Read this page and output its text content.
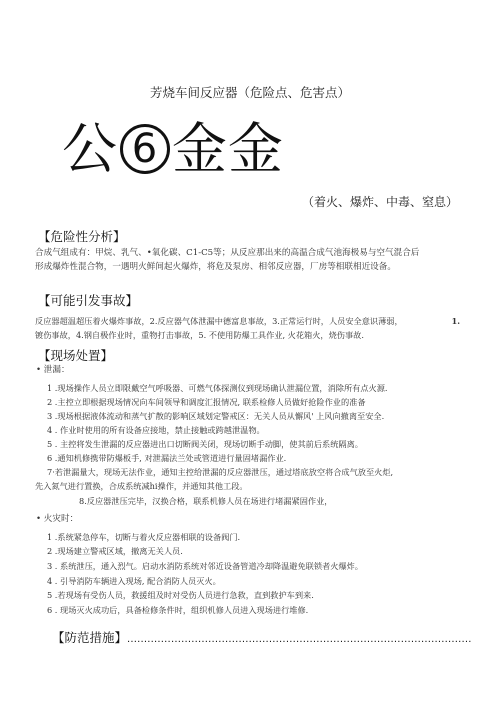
芳烧车间反应器（危险点、危害点）
公 6 金金
（着火、爆炸、中毒、窒息）
【危险性分析】
合成气组成有：甲烷、乳气、•氧化碳、C1-C5等；从反应那出来的高温合成气池海极易与空气混合后
形成爆炸性混合物，一遇明火鲜间起火爆炸，将危及泵房、相邻反应器，厂房等相联相近设备。
【可能引发事故】
1.
反应器超温超压着火爆炸事故，2.反应器气体泄漏中德富息事故，3.正常运行时，人员安全意识薄弱，
镀伤事故，4.钢自极作业时，重物打击事故，5. 不使用防爆工具作业, 火花箱火，烧伤事故.
【现场处置】
• 泄漏：
1 .现场操作人员立即限戴空气呼吸器、可燃气体探测仪到现场确认泄漏位置，消除所有点火源.
2 .主控立即根据现场情况向车间领导和调度汇报情况, 联系检修人员做好抢险作业的准备
3 .现场根据液体流动和蒸气扩散的影响区域划定警戒区：无关人员从懈风' 上风向撤离至安全.
4 . 作业时使用的所有设备应接地，禁止接触或跨越泄温物。
5 . 主控将发生泄漏的反应器进出口切断阀关闭，现场切断手动脚，使其前后系统隔离。
6 .通知机修携带防爆板手, 对泄漏法兰处或管道进行量固堵漏作业.
7·若泄漏量大，现场无法作业，通知主控给泄漏的反应器泄压，通过塔底放空将合成气放至火炬,
先入氮气进行置换，合成系统减hi操作，并通知其他工段。
8.反应器泄压完毕，汉换合格，联系机修人员在场进行堵漏紧固作业，
• 火灾时：
1 .系统紧急停车，切断与着火反应器相联的设备阀门.
2 .现场建立警戒区域，撤离无关人员.
3 . 系统泄压，通入烈气。启动水消防系统对邻近设备管道冷却降温避免联锁者火爆炸。
4 . 引导消防车辆进入现场, 配合消防人员灭火。
5 .若现场有受伤人员，救援组及时对受伤人员进行急救，直到救护车到来.
6 . 现场灭火成功后，具备检修条件时，组织机修人员进入现场进行堆修.
【防范措施】......................................................................................................
